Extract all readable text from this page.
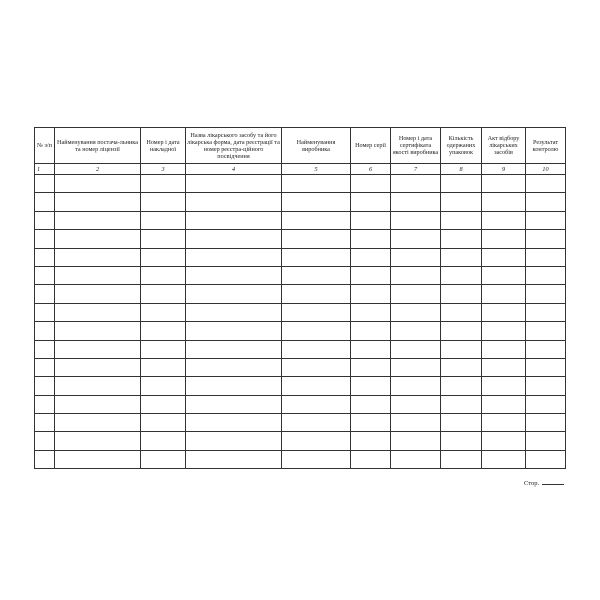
№ з/п	Найменування постача-льника та номер ліцензії	Номер і дата накладної	Назва лікарського засобу та його лікарська форма, дата реєстрації та номер реєстра-ційного посвідчення	Найменування виробника	Номер серії	Номер і дата сертифіката якості виробника	Кількість одержаних упаковок	Акт відбору лікарських засобів	Результат контролю
1	2	3	4	5	6	7	8	9	10

Стор.
